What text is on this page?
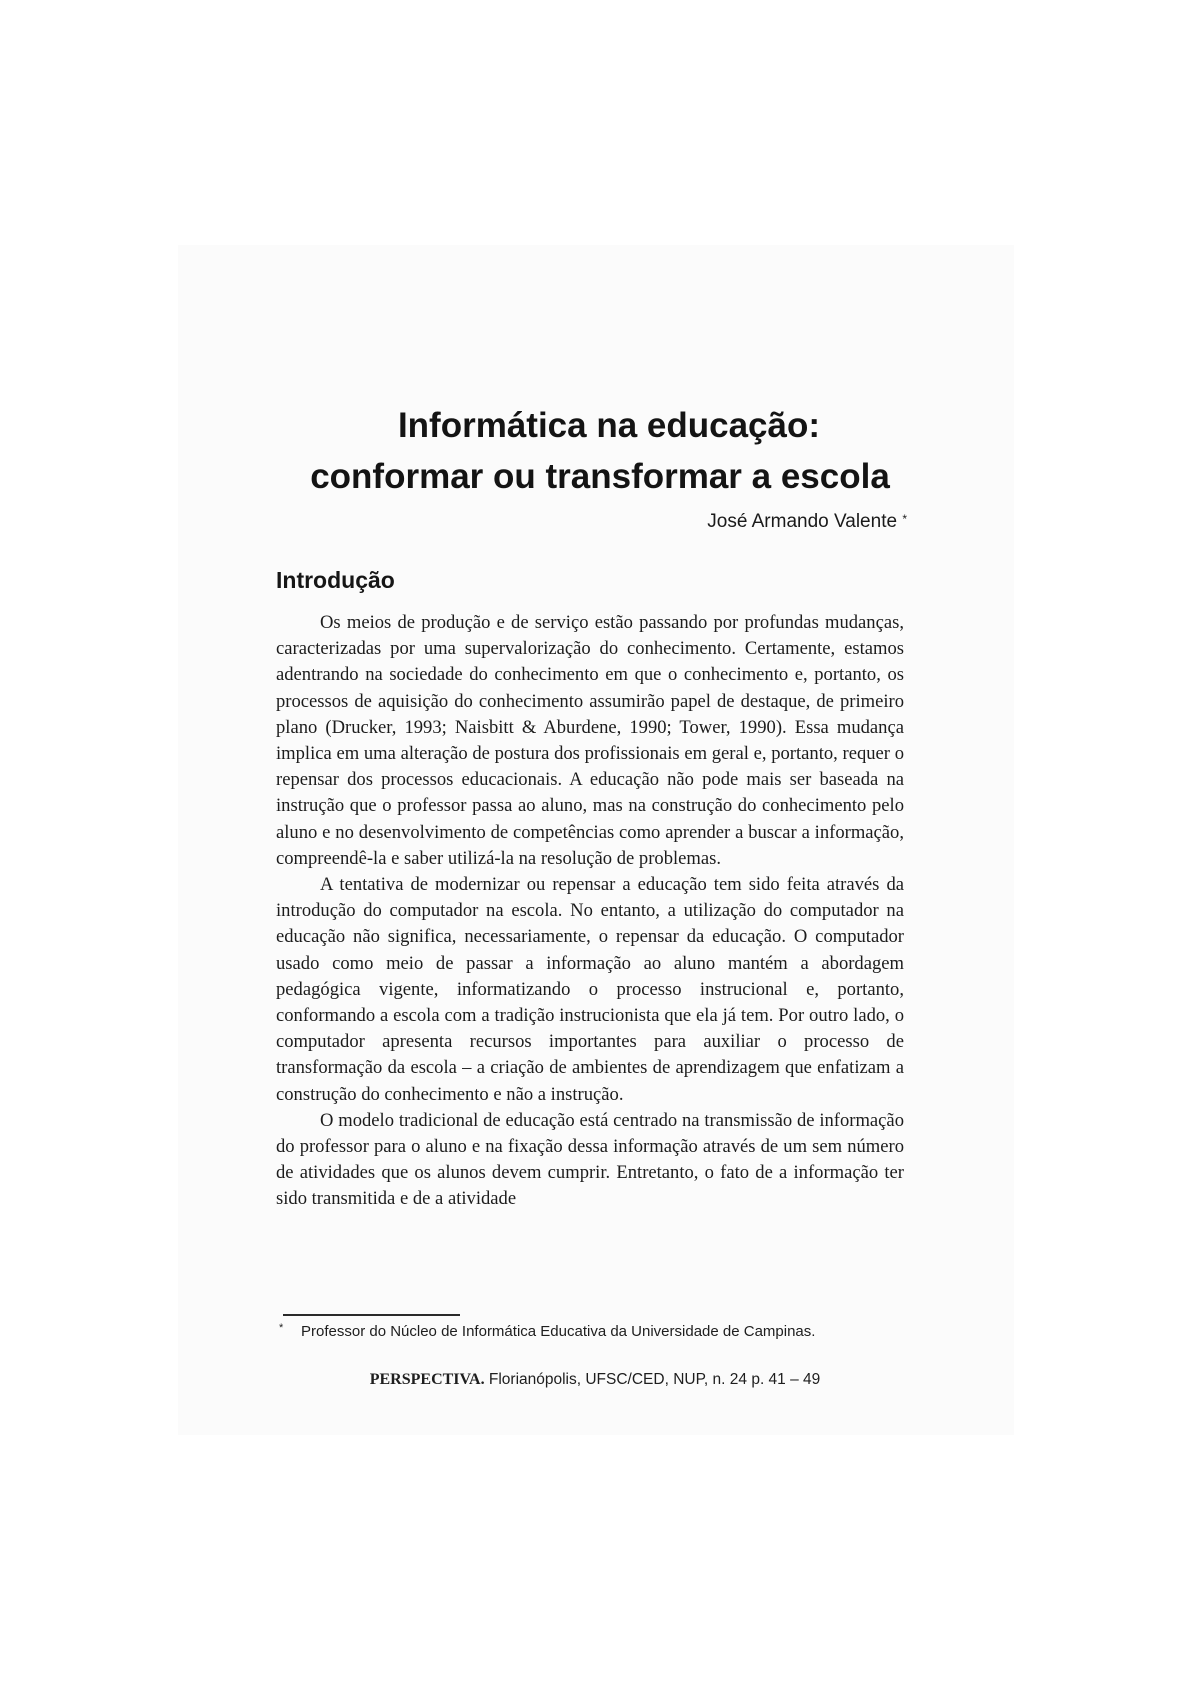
Informática na educação:
conformar ou transformar a escola

José Armando Valente *

Introdução

Os meios de produção e de serviço estão passando por profundas mudanças, caracterizadas por uma supervalorização do conhecimento. Certamente, estamos adentrando na sociedade do conhecimento em que o conhecimento e, portanto, os processos de aquisição do conhecimento assumirão papel de destaque, de primeiro plano (Drucker, 1993; Naisbitt & Aburdene, 1990; Tower, 1990). Essa mudança implica em uma alteração de postura dos profissionais em geral e, portanto, requer o repensar dos processos educacionais. A educação não pode mais ser baseada na instrução que o professor passa ao aluno, mas na construção do conhecimento pelo aluno e no desenvolvimento de competências como aprender a buscar a informação, compreendê-la e saber utilizá-la na resolução de problemas.

A tentativa de modernizar ou repensar a educação tem sido feita através da introdução do computador na escola. No entanto, a utilização do computador na educação não significa, necessariamente, o repensar da educação. O computador usado como meio de passar a informação ao aluno mantém a abordagem pedagógica vigente, informatizando o processo instrucional e, portanto, conformando a escola com a tradição instrucionista que ela já tem. Por outro lado, o computador apresenta recursos importantes para auxiliar o processo de transformação da escola – a criação de ambientes de aprendizagem que enfatizam a construção do conhecimento e não a instrução.

O modelo tradicional de educação está centrado na transmissão de informação do professor para o aluno e na fixação dessa informação através de um sem número de atividades que os alunos devem cumprir. Entretanto, o fato de a informação ter sido transmitida e de a atividade

* Professor do Núcleo de Informática Educativa da Universidade de Campinas.

PERSPECTIVA. Florianópolis, UFSC/CED, NUP, n. 24 p. 41 – 49
